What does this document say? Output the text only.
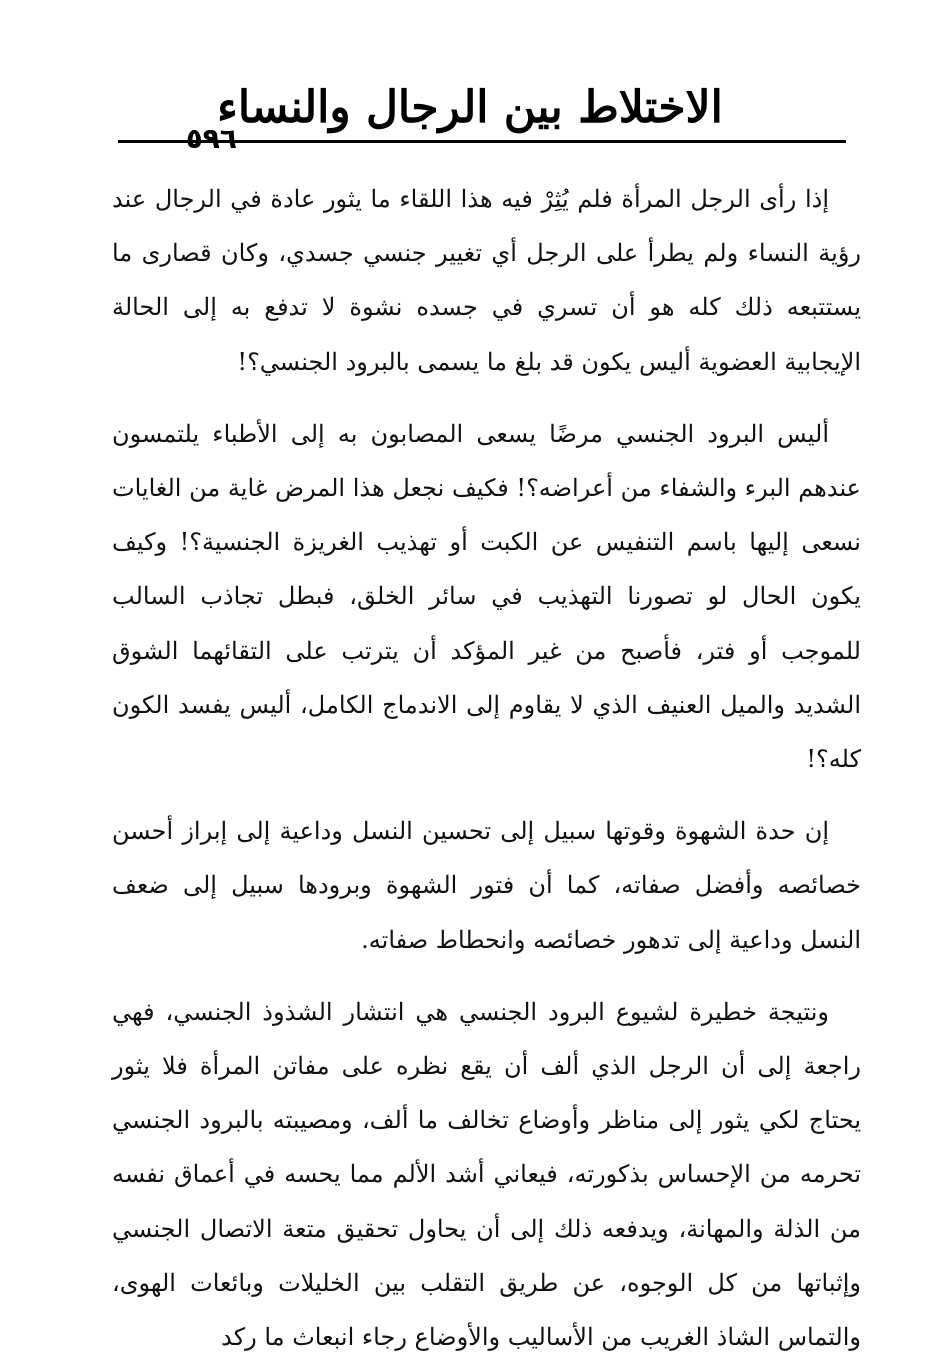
الاختلاط بين الرجال والنساء
٥٩٦

إذا رأى الرجل المرأة فلم يُثِرْ فيه هذا اللقاء ما يثور عادة في الرجال عند رؤية النساء ولم يطرأ على الرجل أي تغيير جنسي جسدي، وكان قصارى ما يستتبعه ذلك كله هو أن تسري في جسده نشوة لا تدفع به إلى الحالة الإيجابية العضوية أليس يكون قد بلغ ما يسمى بالبرود الجنسي؟!

أليس البرود الجنسي مرضًا يسعى المصابون به إلى الأطباء يلتمسون عندهم البرء والشفاء من أعراضه؟! فكيف نجعل هذا المرض غاية من الغايات نسعى إليها باسم التنفيس عن الكبت أو تهذيب الغريزة الجنسية؟! وكيف يكون الحال لو تصورنا التهذيب في سائر الخلق، فبطل تجاذب السالب للموجب أو فتر، فأصبح من غير المؤكد أن يترتب على التقائهما الشوق الشديد والميل العنيف الذي لا يقاوم إلى الاندماج الكامل، أليس يفسد الكون كله؟!

إن حدة الشهوة وقوتها سبيل إلى تحسين النسل وداعية إلى إبراز أحسن خصائصه وأفضل صفاته، كما أن فتور الشهوة وبرودها سبيل إلى ضعف النسل وداعية إلى تدهور خصائصه وانحطاط صفاته.

ونتيجة خطيرة لشيوع البرود الجنسي هي انتشار الشذوذ الجنسي، فهي راجعة إلى أن الرجل الذي ألف أن يقع نظره على مفاتن المرأة فلا يثور يحتاج لكي يثور إلى مناظر وأوضاع تخالف ما ألف، ومصيبته بالبرود الجنسي تحرمه من الإحساس بذكورته، فيعاني أشد الألم مما يحسه في أعماق نفسه من الذلة والمهانة، ويدفعه ذلك إلى أن يحاول تحقيق متعة الاتصال الجنسي وإثباتها من كل الوجوه، عن طريق التقلب بين الخليلات وبائعات الهوى، والتماس الشاذ الغريب من الأساليب والأوضاع رجاء انبعاث ما ركد
